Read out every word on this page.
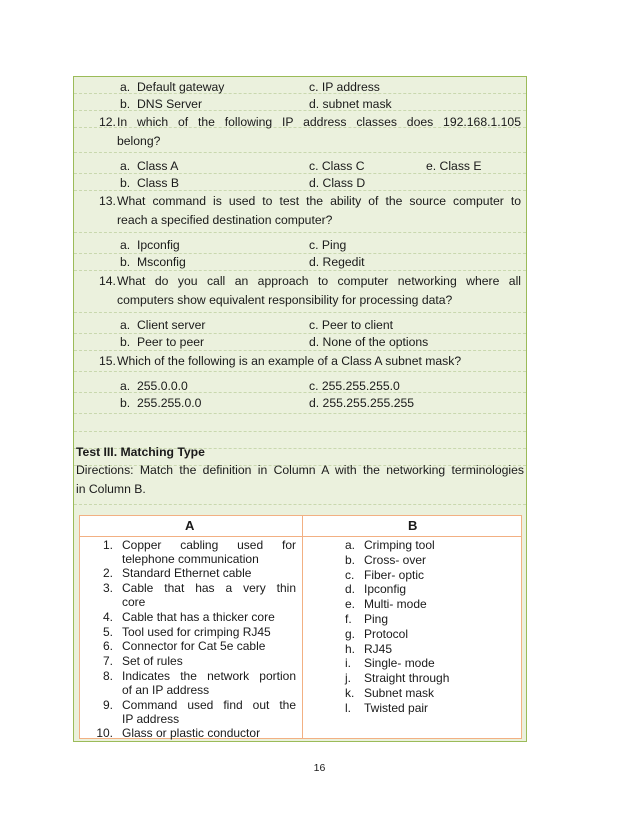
a. Default gateway	c. IP address
b. DNS Server	d. subnet mask
12. In which of the following IP address classes does 192.168.1.105
belong?
a. Class A	c. Class C	e. Class E
b. Class B	d. Class D
13. What command is used to test the ability of the source computer to
reach a specified destination computer?
a. Ipconfig	c. Ping
b. Msconfig	d. Regedit
14. What do you call an approach to computer networking where all
computers show equivalent responsibility for processing data?
a. Client server	c. Peer to client
b. Peer to peer	d. None of the options
15. Which of the following is an example of a Class A subnet mask?
a. 255.0.0.0	c. 255.255.255.0
b. 255.255.0.0	d. 255.255.255.255
Test III. Matching Type
Directions: Match the definition in Column A with the networking terminologies
in Column B.
A	B
1. Copper cabling used for
telephone communication
2. Standard Ethernet cable
3. Cable that has a very thin
core
4. Cable that has a thicker core
5. Tool used for crimping RJ45
6. Connector for Cat 5e cable
7. Set of rules
8. Indicates the network portion
of an IP address
9. Command used find out the
IP address
10. Glass or plastic conductor
a. Crimping tool
b. Cross- over
c. Fiber- optic
d. Ipconfig
e. Multi- mode
f. Ping
g. Protocol
h. RJ45
i. Single- mode
j. Straight through
k. Subnet mask
l. Twisted pair
16
